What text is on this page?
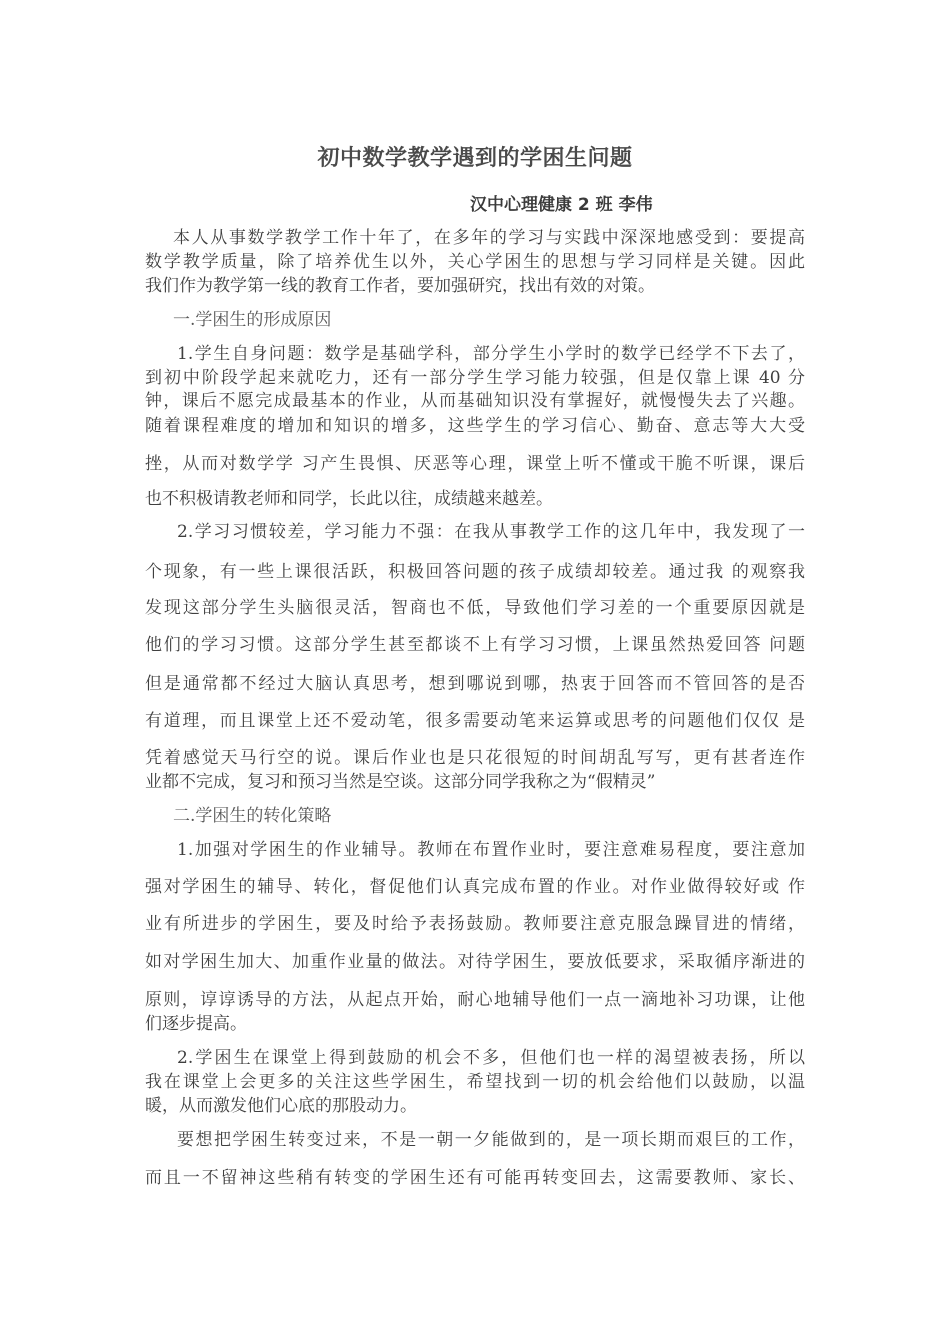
初中数学教学遇到的学困生问题
汉中心理健康 2 班 李伟
本人从事数学教学工作十年了，在多年的学习与实践中深深地感受到：要提高
数学教学质量，除了培养优生以外，关心学困生的思想与学习同样是关键。因此
我们作为教学第一线的教育工作者，要加强研究，找出有效的对策。
一.学困生的形成原因
1.学生自身问题：数学是基础学科，部分学生小学时的数学已经学不下去了，
到初中阶段学起来就吃力，还有一部分学生学习能力较强，但是仅靠上课 40 分
钟，课后不愿完成最基本的作业，从而基础知识没有掌握好，就慢慢失去了兴趣。
随着课程难度的增加和知识的增多，这些学生的学习信心、勤奋、意志等大大受
挫，从而对数学学 习产生畏惧、厌恶等心理，课堂上听不懂或干脆不听课，课后
也不积极请教老师和同学，长此以往，成绩越来越差。
2.学习习惯较差，学习能力不强：在我从事教学工作的这几年中，我发现了一
个现象，有一些上课很活跃，积极回答问题的孩子成绩却较差。通过我 的观察我
发现这部分学生头脑很灵活，智商也不低，导致他们学习差的一个重要原因就是
他们的学习习惯。这部分学生甚至都谈不上有学习习惯，上课虽然热爱回答 问题
但是通常都不经过大脑认真思考，想到哪说到哪，热衷于回答而不管回答的是否
有道理，而且课堂上还不爱动笔，很多需要动笔来运算或思考的问题他们仅仅 是
凭着感觉天马行空的说。课后作业也是只花很短的时间胡乱写写，更有甚者连作
业都不完成，复习和预习当然是空谈。这部分同学我称之为“假精灵”
二.学困生的转化策略
1.加强对学困生的作业辅导。教师在布置作业时，要注意难易程度，要注意加
强对学困生的辅导、转化，督促他们认真完成布置的作业。对作业做得较好或 作
业有所进步的学困生，要及时给予表扬鼓励。教师要注意克服急躁冒进的情绪，
如对学困生加大、加重作业量的做法。对待学困生，要放低要求，采取循序渐进的
原则，谆谆诱导的方法，从起点开始，耐心地辅导他们一点一滴地补习功课，让他
们逐步提高。
2.学困生在课堂上得到鼓励的机会不多，但他们也一样的渴望被表扬，所以
我在课堂上会更多的关注这些学困生，希望找到一切的机会给他们以鼓励，以温
暖，从而激发他们心底的那股动力。
要想把学困生转变过来，不是一朝一夕能做到的，是一项长期而艰巨的工作，
而且一不留神这些稍有转变的学困生还有可能再转变回去，这需要教师、家长、
